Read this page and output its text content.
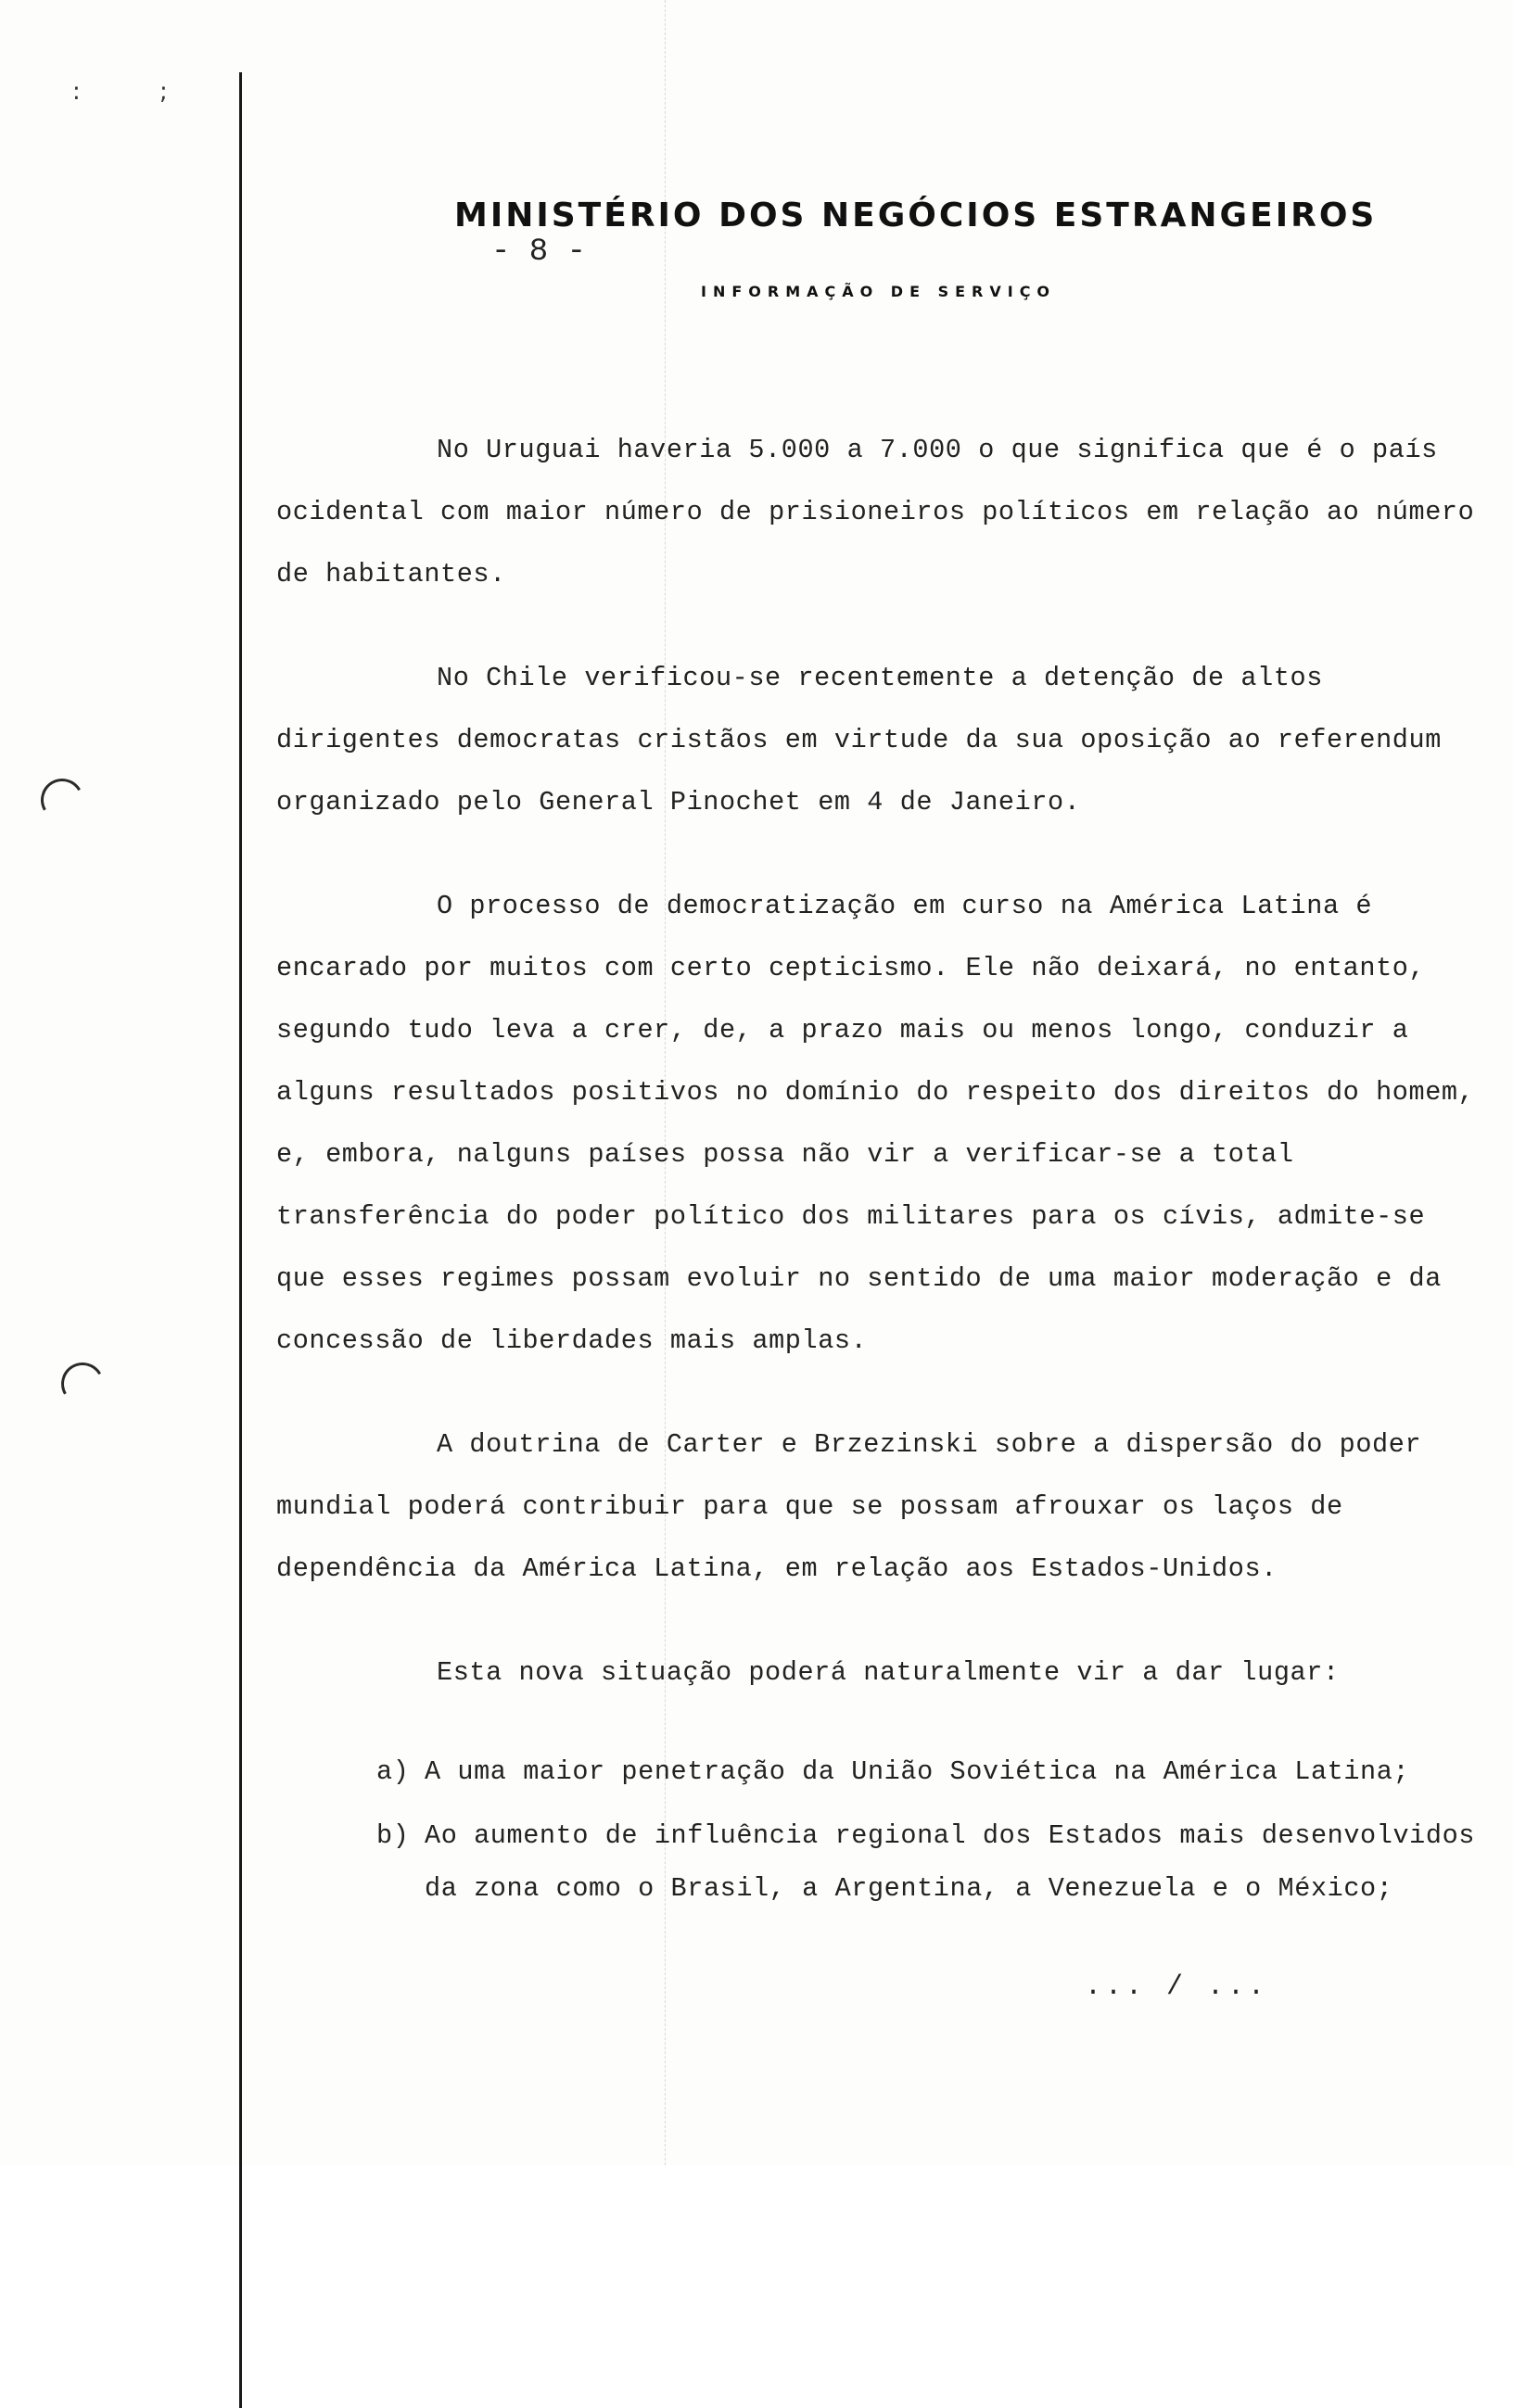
:	;
MINISTÉRIO DOS NEGÓCIOS ESTRANGEIROS - 8 -
INFORMAÇÃO DE SERVIÇO

No Uruguai haveria 5.000 a 7.000 o que significa que é o país ocidental com maior número de prisioneiros políticos em relação ao número de habitantes.

No Chile verificou-se recentemente a detenção de altos dirigentes democratas cristãos em virtude da sua oposição ao referendum organizado pelo General Pinochet em 4 de Janeiro.

O processo de democratização em curso na América Latina é encarado por muitos com certo cepticismo. Ele não deixará, no entanto, segundo tudo leva a crer, de, a prazo mais ou menos longo, conduzir a alguns resultados positivos no domínio do respeito dos direitos do homem, e, embora, nalguns países possa não vir a verificar-se a total transferência do poder político dos militares para os cívis, admite-se que esses regimes possam evoluir no sentido de uma maior moderação e da concessão de liberdades mais amplas.

A doutrina de Carter e Brzezinski sobre a dispersão do poder mundial poderá contribuir para que se possam afrouxar os laços de dependência da América Latina, em relação aos Estados-Unidos.

Esta nova situação poderá naturalmente vir a dar lugar:

a) A uma maior penetração da União Soviética na América Latina;
b) Ao aumento de influência regional dos Estados mais desenvolvidos da zona como o Brasil, a Argentina, a Venezuela e o México;
... / ...
